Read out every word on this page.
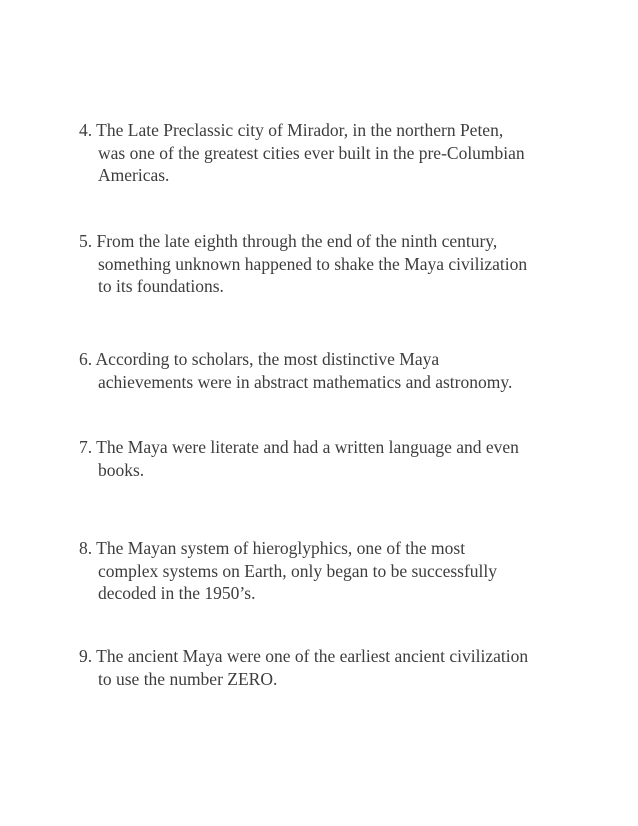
4. The Late Preclassic city of Mirador, in the northern Peten,
was one of the greatest cities ever built in the pre-Columbian
Americas.
5. From the late eighth through the end of the ninth century,
something unknown happened to shake the Maya civilization
to its foundations.
6. According to scholars, the most distinctive Maya
achievements were in abstract mathematics and astronomy.
7. The Maya were literate and had a written language and even
books.
8. The Mayan system of hieroglyphics, one of the most
complex systems on Earth, only began to be successfully
decoded in the 1950’s.
9. The ancient Maya were one of the earliest ancient civilization
to use the number ZERO.
